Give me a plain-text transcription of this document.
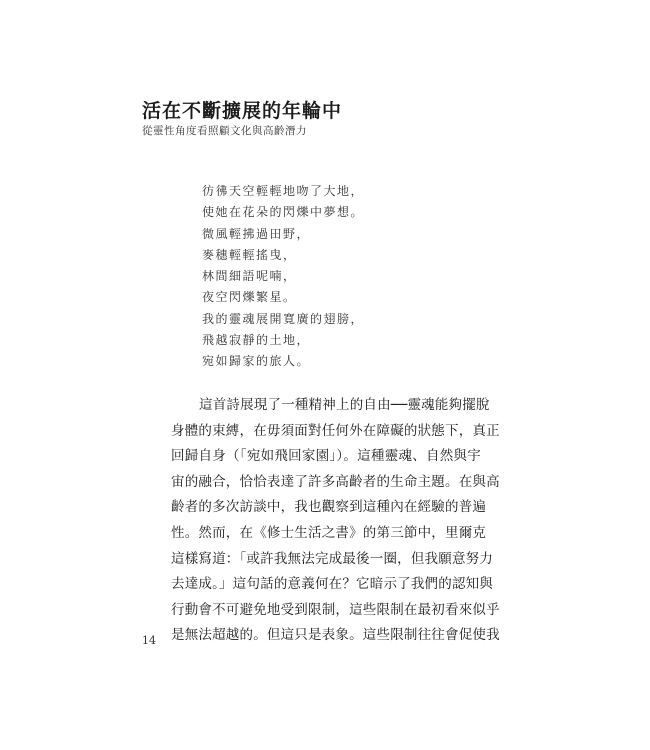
活在不斷擴展的年輪中
從靈性角度看照顧文化與高齡潛力
彷彿天空輕輕地吻了大地，
使她在花朵的閃爍中夢想。
微風輕拂過田野，
麥穗輕輕搖曳，
林間細語呢喃，
夜空閃爍繁星。
我的靈魂展開寬廣的翅膀，
飛越寂靜的土地，
宛如歸家的旅人。
這首詩展現了一種精神上的自由──靈魂能夠擺脫
身體的束縛，在毋須面對任何外在障礙的狀態下，真正
回歸自身（「宛如飛回家園」）。這種靈魂、自然與宇
宙的融合，恰恰表達了許多高齡者的生命主題。在與高
齡者的多次訪談中，我也觀察到這種內在經驗的普遍
性。然而，在《修士生活之書》的第三節中，里爾克
這樣寫道：「或許我無法完成最後一圈，但我願意努力
去達成。」這句話的意義何在？它暗示了我們的認知與
行動會不可避免地受到限制，這些限制在最初看來似乎
是無法超越的。但這只是表象。這些限制往往會促使我
14
